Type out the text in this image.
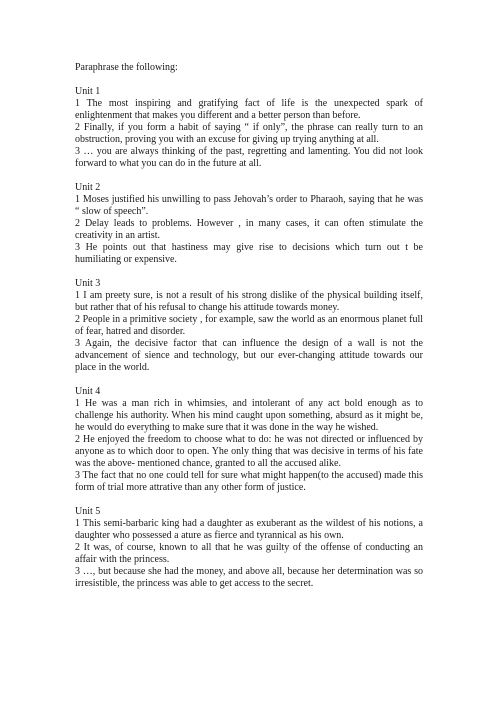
Paraphrase the following:

Unit 1

1 The most inspiring and gratifying fact of life is the unexpected spark of enlightenment that makes you different and a better person than before.

2 Finally, if you form a habit of saying “ if only”, the phrase can really turn to an obstruction, proving you with an excuse for giving up trying anything at all.

3 … you are always thinking of the past, regretting and lamenting. You did not look forward to what you can do in the future at all.

Unit 2

1 Moses justified his unwilling to pass Jehovah’s order to Pharaoh, saying that he was “ slow of speech”.

2 Delay leads to problems. However , in many cases, it can often stimulate the creativity in an artist.

3 He points out that hastiness may give rise to decisions which turn out t be humiliating or expensive.

Unit 3

1 I am preety sure, is not a result of his strong dislike of the physical building itself, but rather that of his refusal to change his attitude towards money.

2 People in a primitive society , for example, saw the world as an enormous planet full of fear, hatred and disorder.

3 Again, the decisive factor that can influence the design of a wall is not the advancement of sience and technology, but our ever-changing attitude towards our place in the world.

Unit 4

1 He was a man rich in whimsies, and intolerant of any act bold enough as to challenge his authority. When his mind caught upon something, absurd as it might be, he would do everything to make sure that it was done in the way he wished.

2 He enjoyed the freedom to choose what to do: he was not directed or influenced by anyone as to which door to open. Yhe only thing that was decisive in terms of his fate was the above- mentioned chance, granted to all the accused alike.

3 The fact that no one could tell for sure what might happen(to the accused) made this form of trial more attrative than any other form of justice.

Unit 5

1 This semi-barbaric king had a daughter as exuberant as the wildest of his notions, a daughter who possessed a ature as fierce and tyrannical as his own.

2 It was, of course, known to all that he was guilty of the offense of conducting an affair with the princess.

3 …, but because she had the money, and above all, because her determination was so irresistible, the princess was able to get access to the secret.
